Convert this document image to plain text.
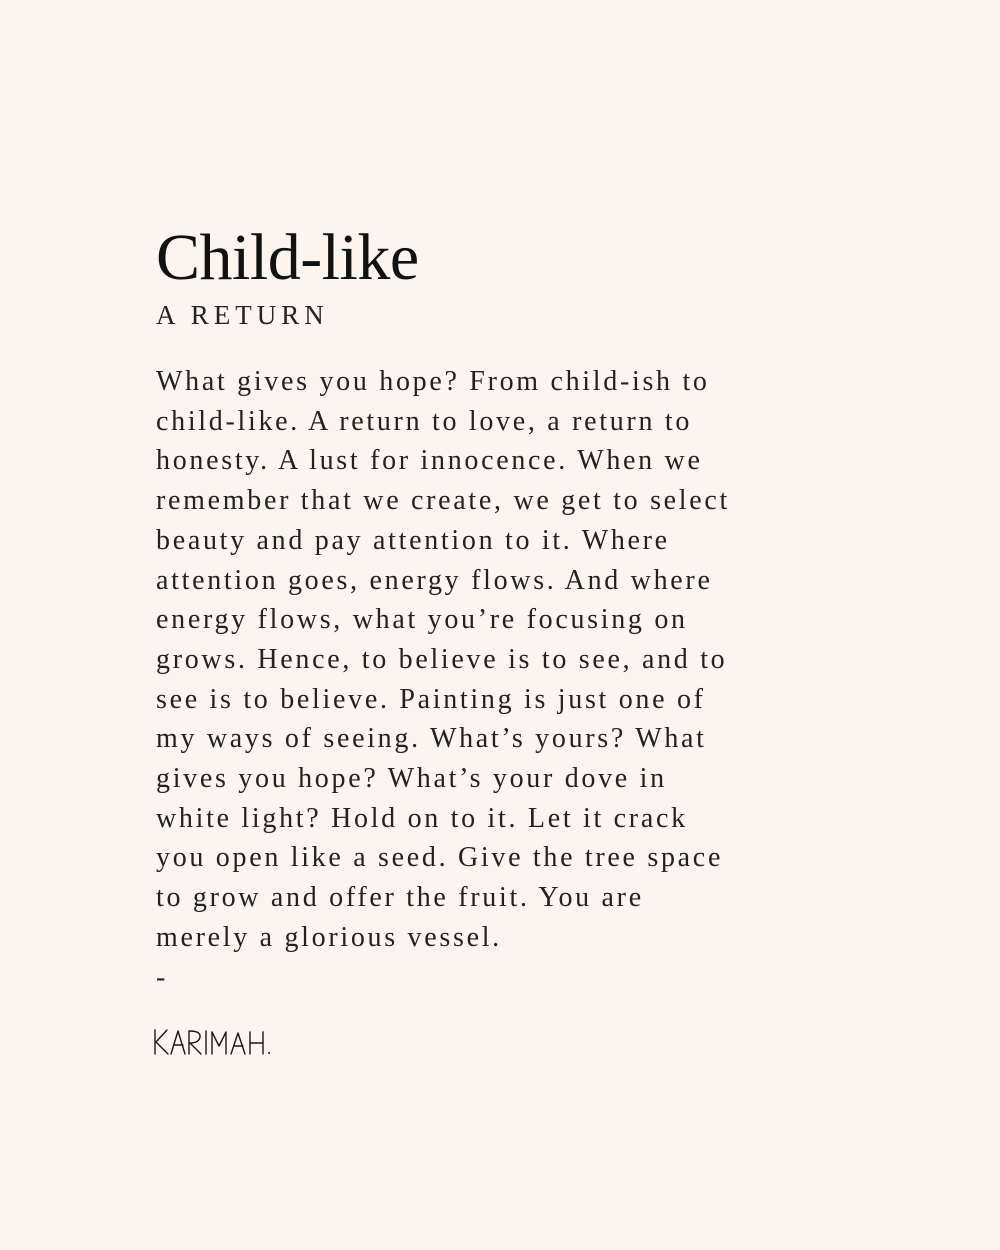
Child-like
A RETURN
What gives you hope? From child-ish to
child-like. A return to love, a return to
honesty. A lust for innocence. When we
remember that we create, we get to select
beauty and pay attention to it. Where
attention goes, energy flows. And where
energy flows, what you’re focusing on
grows. Hence, to believe is to see, and to
see is to believe. Painting is just one of
my ways of seeing. What’s yours? What
gives you hope? What’s your dove in
white light? Hold on to it. Let it crack
you open like a seed. Give the tree space
to grow and offer the fruit. You are
merely a glorious vessel.
-
